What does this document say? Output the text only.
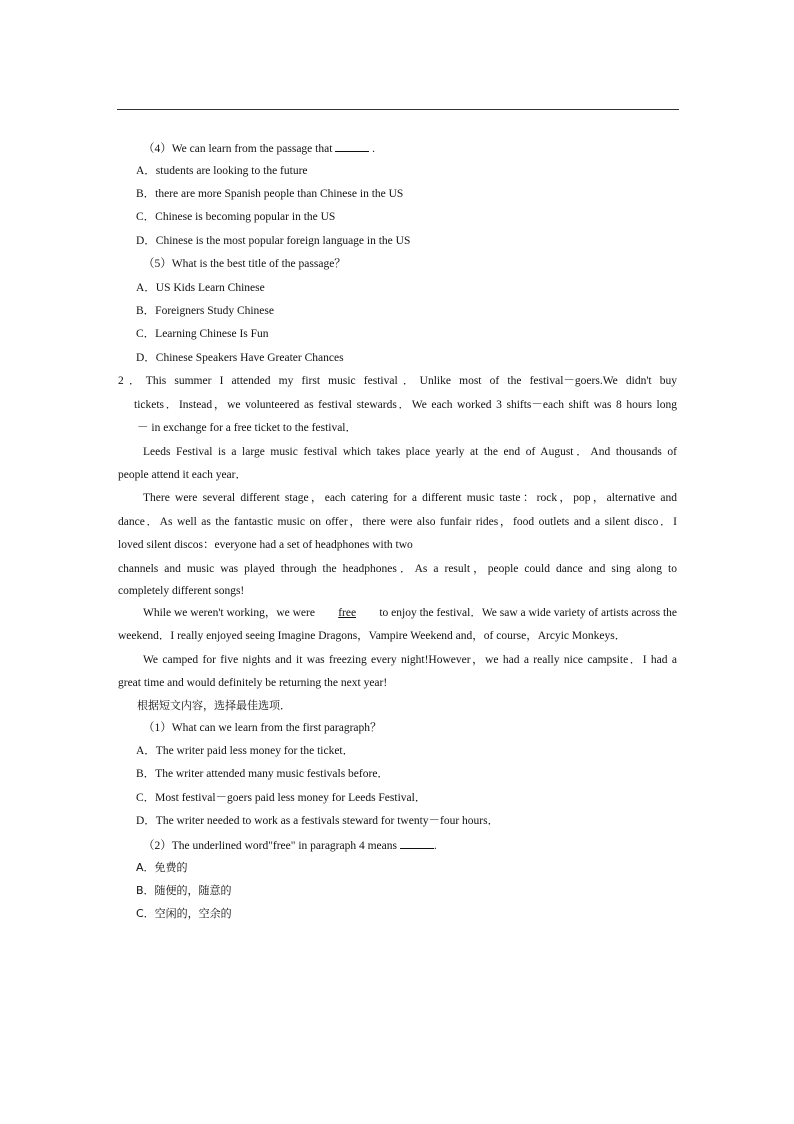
（4）We can learn from the passage that	.
A．students are looking to the future
B．there are more Spanish people than Chinese in the US
C．Chinese is becoming popular in the US
D．Chinese is the most popular foreign language in the US
（5）What is the best title of the passage？
A．US Kids Learn Chinese
B．Foreigners Study Chinese
C．Learning Chinese Is Fun
D．Chinese Speakers Have Greater Chances
2．This summer I attended my first music festival．Unlike most of the festival－goers.We didn't buy
tickets．Instead，we volunteered as festival stewards．We each worked 3 shifts－each shift was 8 hours long
－ in exchange for a free ticket to the festival．
Leeds Festival is a large music festival which takes place yearly at the end of August．And thousands of
people attend it each year．
There were several different stage，each catering for a different music taste：rock，pop，alternative and
dance．As well as the fantastic music on offer，there were also funfair rides，food outlets and a silent disco．I
loved silent discos：everyone had a set of headphones with two
channels and music was played through the headphones．As a result，people could dance and sing along to
completely different songs!
While we weren't working，we were free to enjoy the festival．We saw a wide variety of artists across the
weekend．I really enjoyed seeing Imagine Dragons，Vampire Weekend and，of course，Arcyic Monkeys．
We camped for five nights and it was freezing every night!However，we had a really nice campsite．I had a
great time and would definitely be returning the next year!
根据短文内容，选择最佳选项．
（1）What can we learn from the first paragraph？
A．The writer paid less money for the ticket．
B．The writer attended many music festivals before．
C．Most festival－goers paid less money for Leeds Festival．
D．The writer needed to work as a festivals steward for twenty－four hours．
（2）The underlined word"free" in paragraph 4 means	.
A．免费的
B．随便的，随意的
C．空闲的，空余的
